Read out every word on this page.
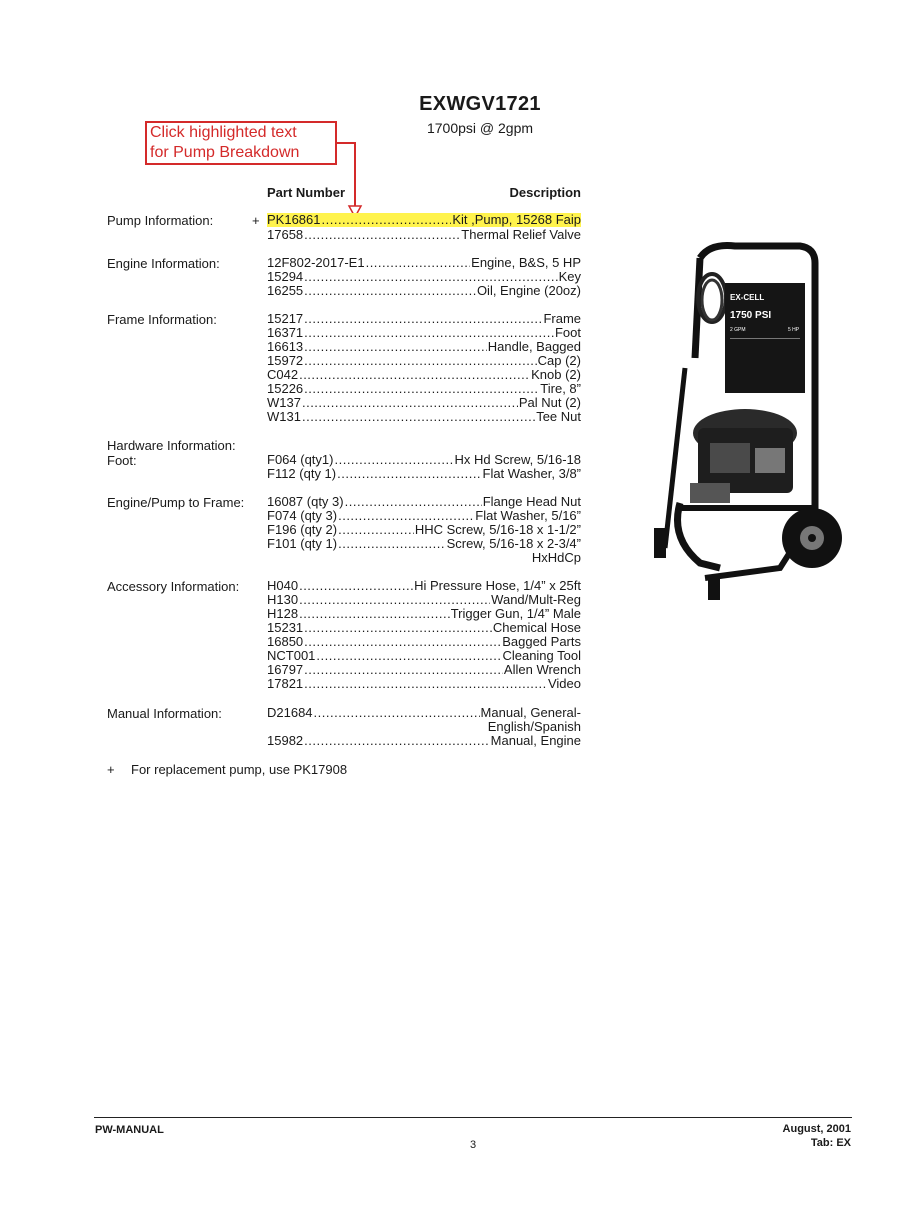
EXWGV1721
1700psi @ 2gpm
Click highlighted text
for Pump Breakdown
Part Number	Description
Pump Information:	+ PK16861 .....	Kit ,Pump, 15268 Faip
17658 .....	Thermal Relief Valve
Engine Information:	12F802-2017-E1 .....	Engine, B&S, 5 HP
15294 .....	Key
16255 .....	Oil, Engine (20oz)
Frame Information:	15217 .....	Frame
16371 .....	Foot
16613 .....	Handle, Bagged
15972 .....	Cap (2)
C042 .....	Knob (2)
15226 .....	Tire, 8”
W137 .....	Pal Nut (2)
W131 .....	Tee Nut
Hardware Information:
Foot:	F064 (qty1) .....	Hx Hd Screw, 5/16-18
F112 (qty 1) .....	Flat Washer, 3/8”
Engine/Pump to Frame: 16087 (qty 3) .....	Flange Head Nut
F074 (qty 3) .....	Flat Washer, 5/16”
F196 (qty 2) .....	HHC Screw, 5/16-18 x 1-1/2”
F101 (qty 1) .....	Screw, 5/16-18 x 2-3/4”
HxHdCp
Accessory Information: H040 .....	Hi Pressure Hose, 1/4” x 25ft
H130 .....	Wand/Mult-Reg
H128 .....	Trigger Gun, 1/4” Male
15231 .....	Chemical Hose
16850 .....	Bagged Parts
NCT001 .....	Cleaning Tool
16797 .....	Allen Wrench
17821 .....	Video
Manual Information:	D21684 .....	Manual, General-
English/Spanish
15982 .....	Manual, Engine
+ For replacement pump, use PK17908
EX-CELL
1750 PSI
2 GPM	5 HP
PW-MANUAL
3
August, 2001
Tab: EX
